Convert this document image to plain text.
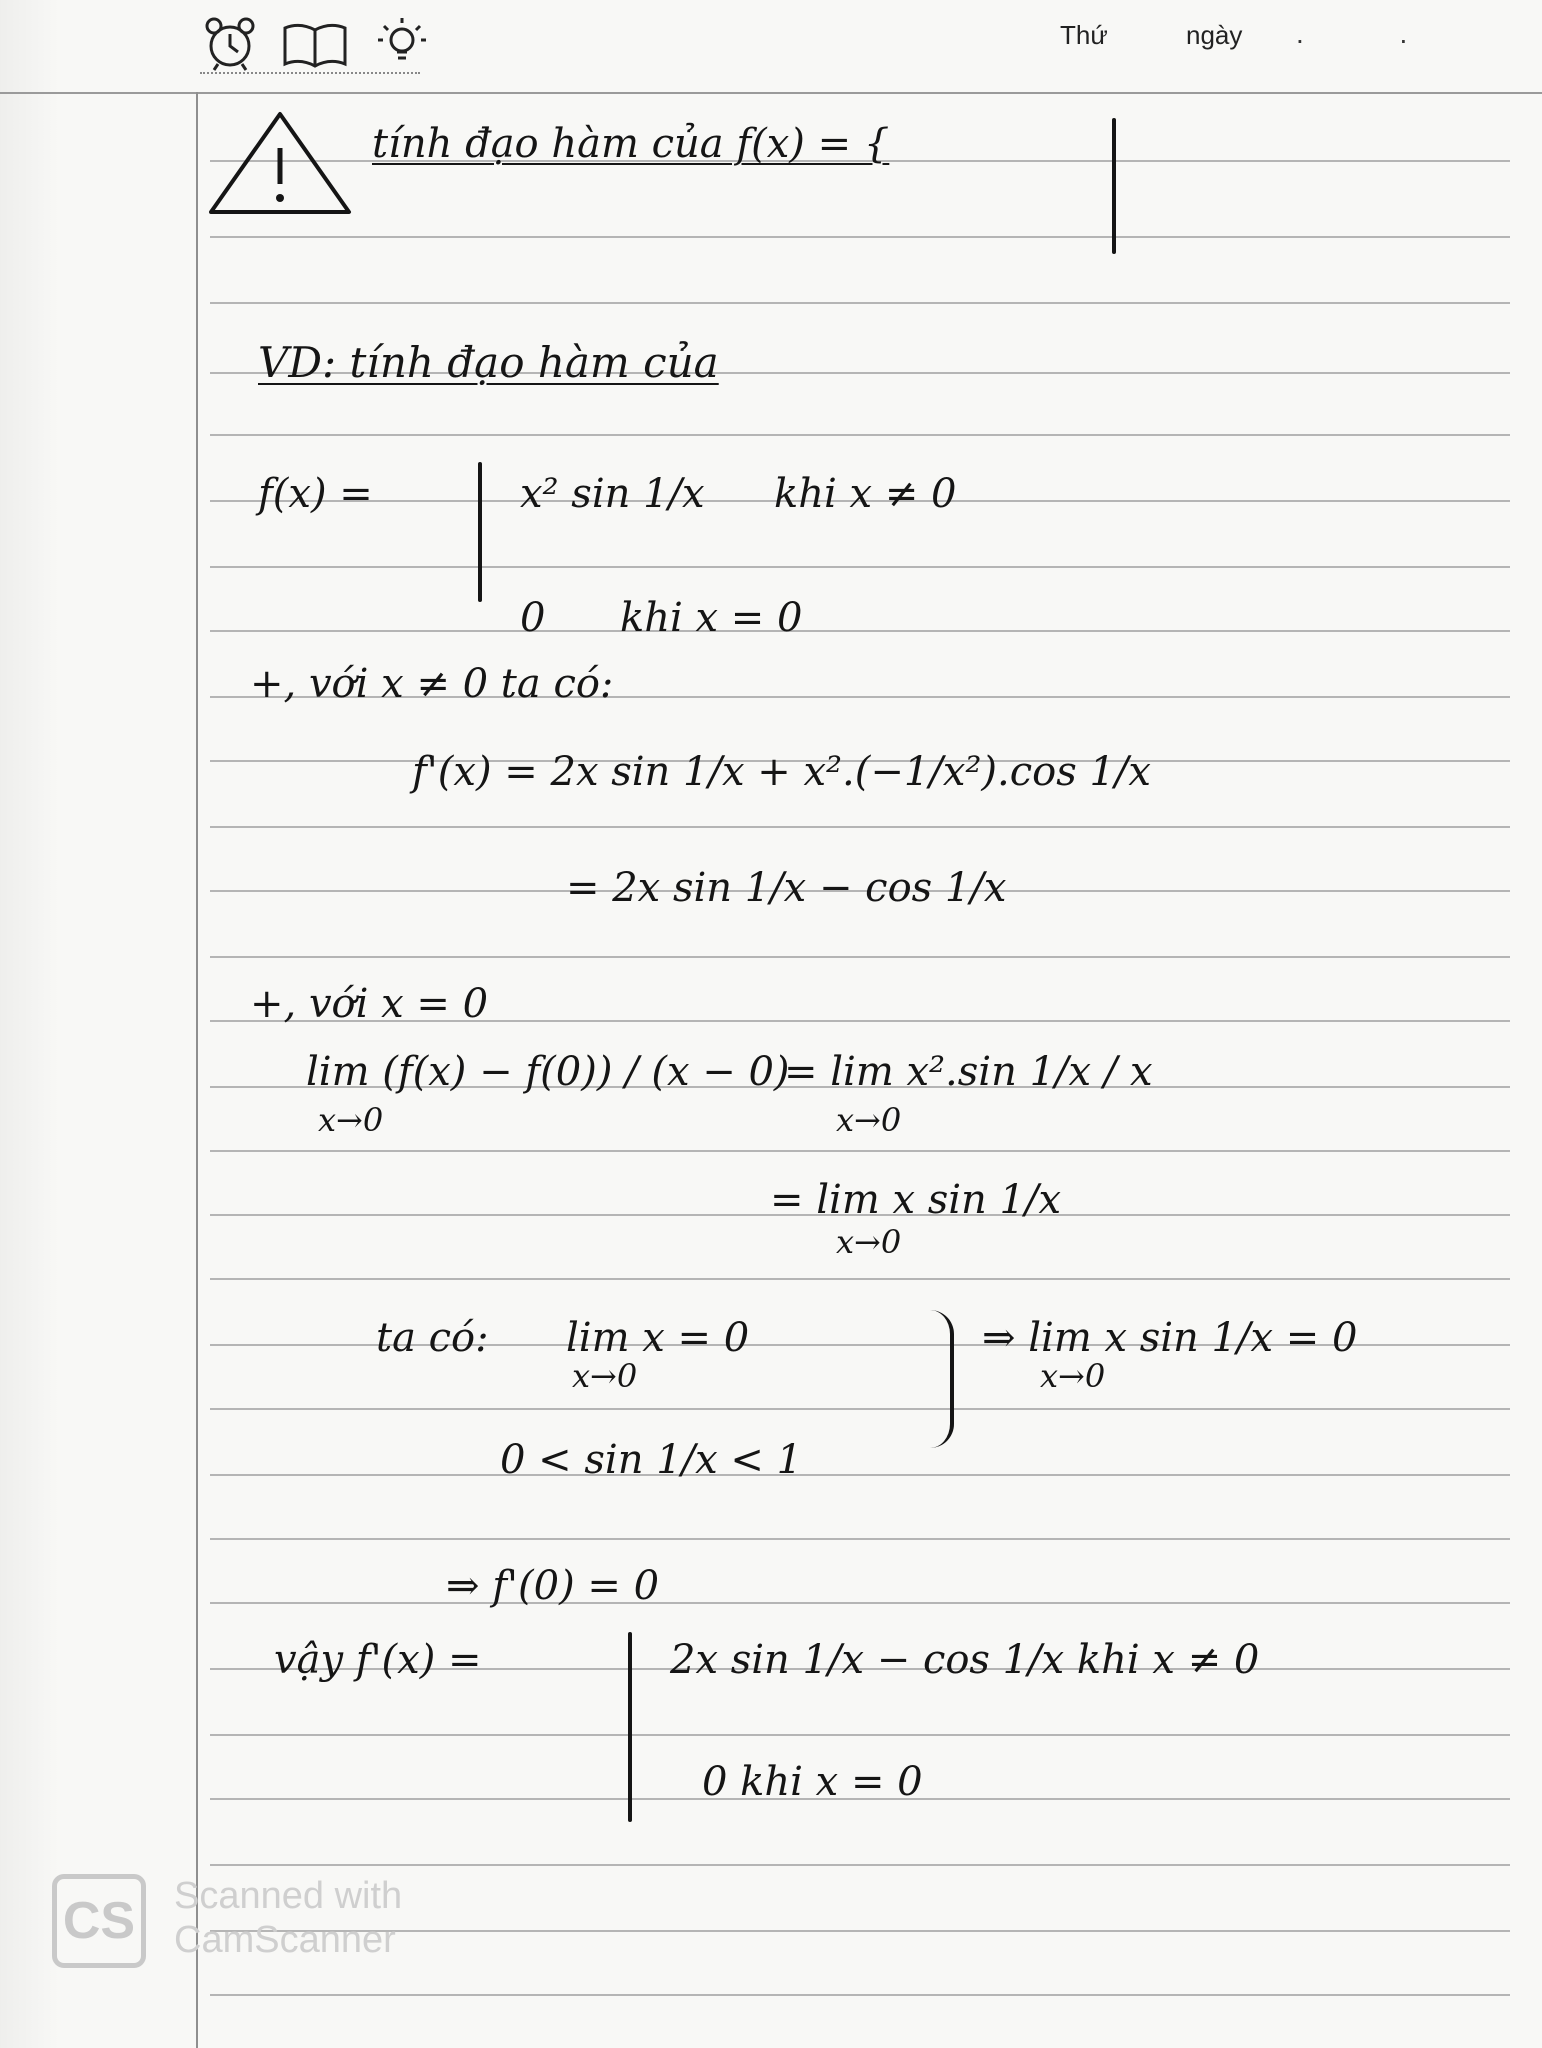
Thứ	ngày . .
tính đạo hàm của f(x) = {
VD: tính đạo hàm của
f(x) =	x² sin 1/x khi x ≠ 0
0 khi x = 0
+, với x ≠ 0 ta có:
f'(x) = 2x sin 1/x + x².(−1/x²).cos 1/x
= 2x sin 1/x − cos 1/x
+, với x = 0
lim (f(x) − f(0)) / (x − 0)
x→0
= lim x².sin 1/x / x
x→0
= lim x sin 1/x
x→0
ta có: lim x = 0
x→0
⇒ lim x sin 1/x = 0
x→0
0 < sin 1/x < 1
⇒ f'(0) = 0
vậy f'(x) =	2x sin 1/x − cos 1/x khi x ≠ 0
0 khi x = 0
CS Scanned with
CamScanner
